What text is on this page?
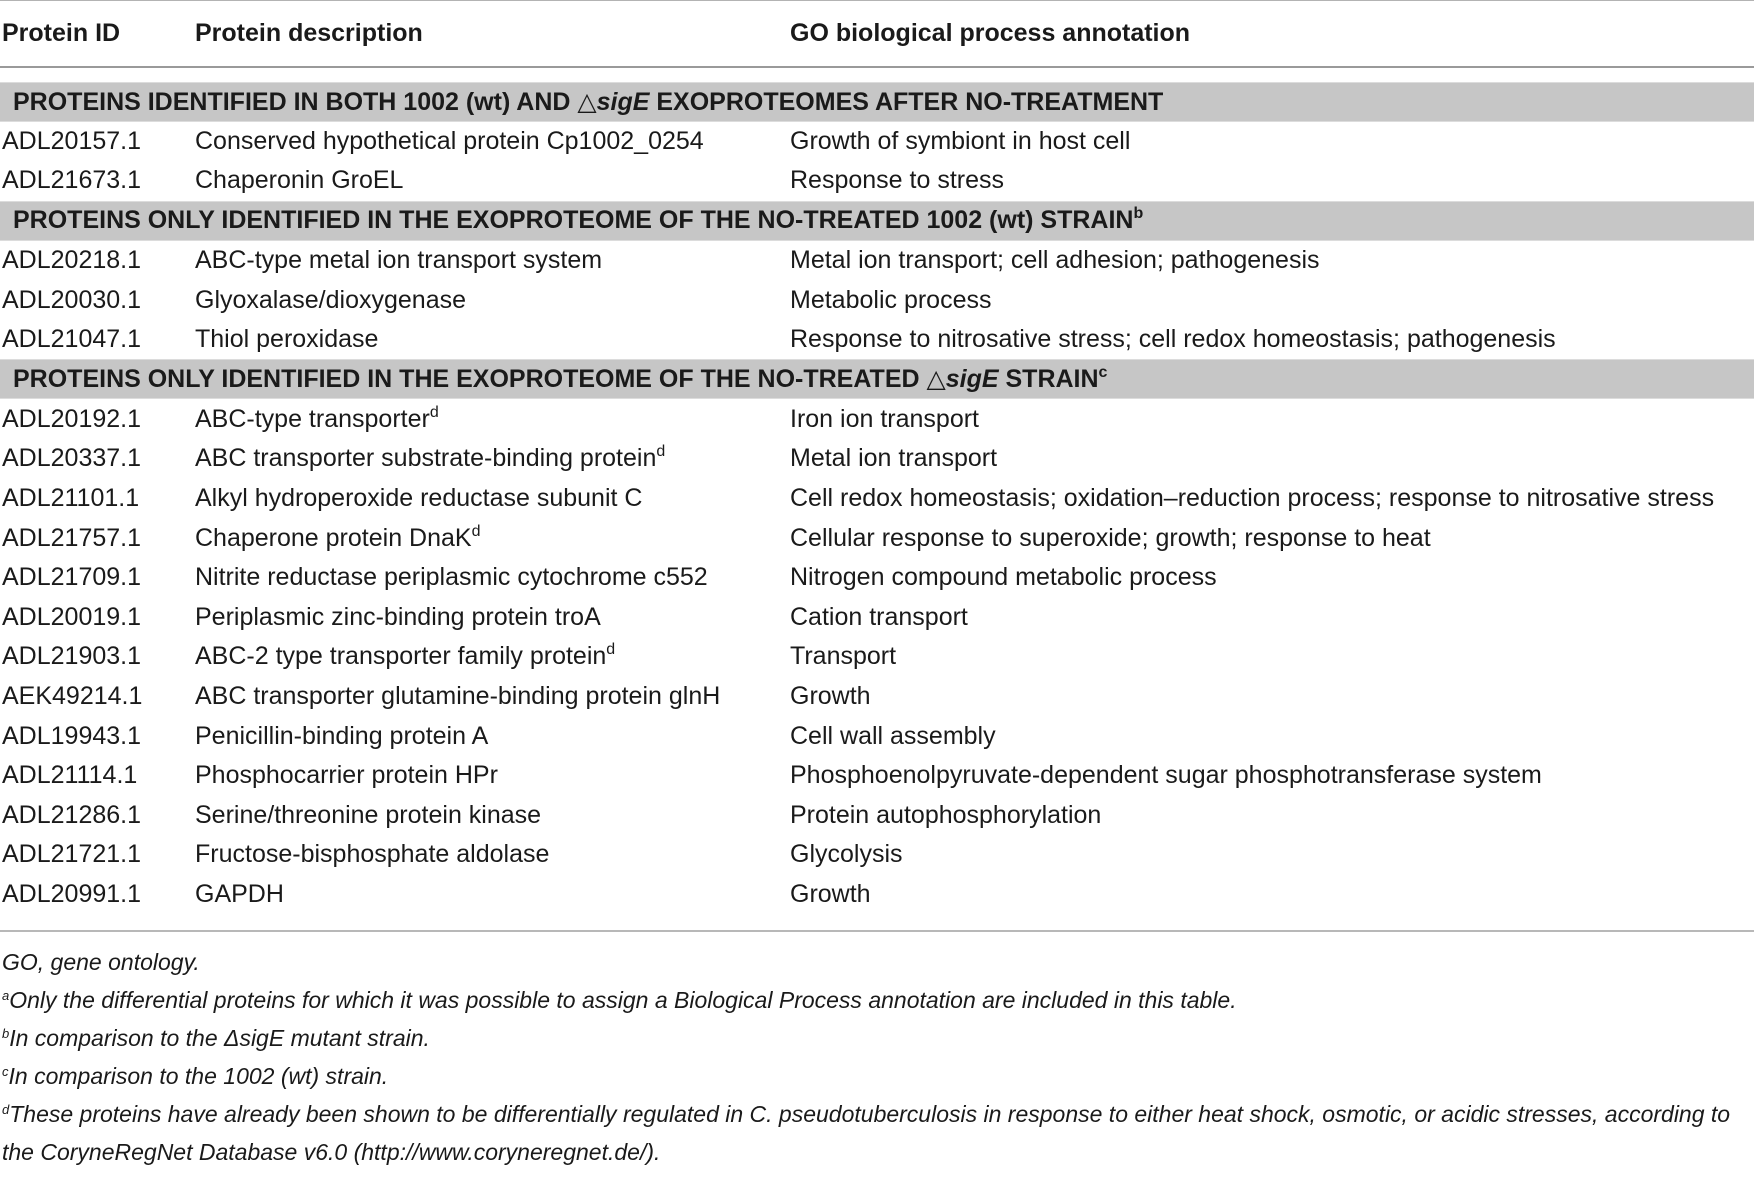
Protein ID	Protein description	GO biological process annotation

PROTEINS IDENTIFIED IN BOTH 1002 (wt) AND △sigE EXOPROTEOMES AFTER NO-TREATMENT		
ADL20157.1	Conserved hypothetical protein Cp1002_0254	Growth of symbiont in host cell
ADL21673.1	Chaperonin GroEL	Response to stress
PROTEINS ONLY IDENTIFIED IN THE EXOPROTEOME OF THE NO-TREATED 1002 (wt) STRAIN$^b$
ADL20218.1	ABC-type metal ion transport system	Metal ion transport; cell adhesion; pathogenesis
ADL20030.1	Glyoxalase/dioxygenase	Metabolic process
ADL21047.1	Thiol peroxidase	Response to nitrosative stress; cell redox homeostasis; pathogenesis
PROTEINS ONLY IDENTIFIED IN THE EXOPROTEOME OF THE NO-TREATED △sigE STRAIN$^c$
ADL20192.1	ABC-type transporter$^d$	Iron ion transport
ADL20337.1	ABC transporter substrate-binding protein$^d$	Metal ion transport
ADL21101.1	Alkyl hydroperoxide reductase subunit C	Cell redox homeostasis; oxidation–reduction process; response to nitrosative stress
ADL21757.1	Chaperone protein DnaK$^d$	Cellular response to superoxide; growth; response to heat
ADL21709.1	Nitrite reductase periplasmic cytochrome c552	Nitrogen compound metabolic process
ADL20019.1	Periplasmic zinc-binding protein troA	Cation transport
ADL21903.1	ABC-2 type transporter family protein$^d$	Transport
AEK49214.1	ABC transporter glutamine-binding protein glnH	Growth
ADL19943.1	Penicillin-binding protein A	Cell wall assembly
ADL21114.1	Phosphocarrier protein HPr	Phosphoenolpyruvate-dependent sugar phosphotransferase system
ADL21286.1	Serine/threonine protein kinase	Protein autophosphorylation
ADL21721.1	Fructose-bisphosphate aldolase	Glycolysis
ADL20991.1	GAPDH	Growth
GO, gene ontology.
$^a$Only the differential proteins for which it was possible to assign a Biological Process annotation are included in this table.
$^b$In comparison to the ΔsigE mutant strain.
$^c$In comparison to the 1002 (wt) strain.
$^d$These proteins have already been shown to be differentially regulated in C. pseudotuberculosis in response to either heat shock, osmotic, or acidic stresses, according to the CoryneRegNet Database v6.0 (http://www.coryneregnet.de/).
